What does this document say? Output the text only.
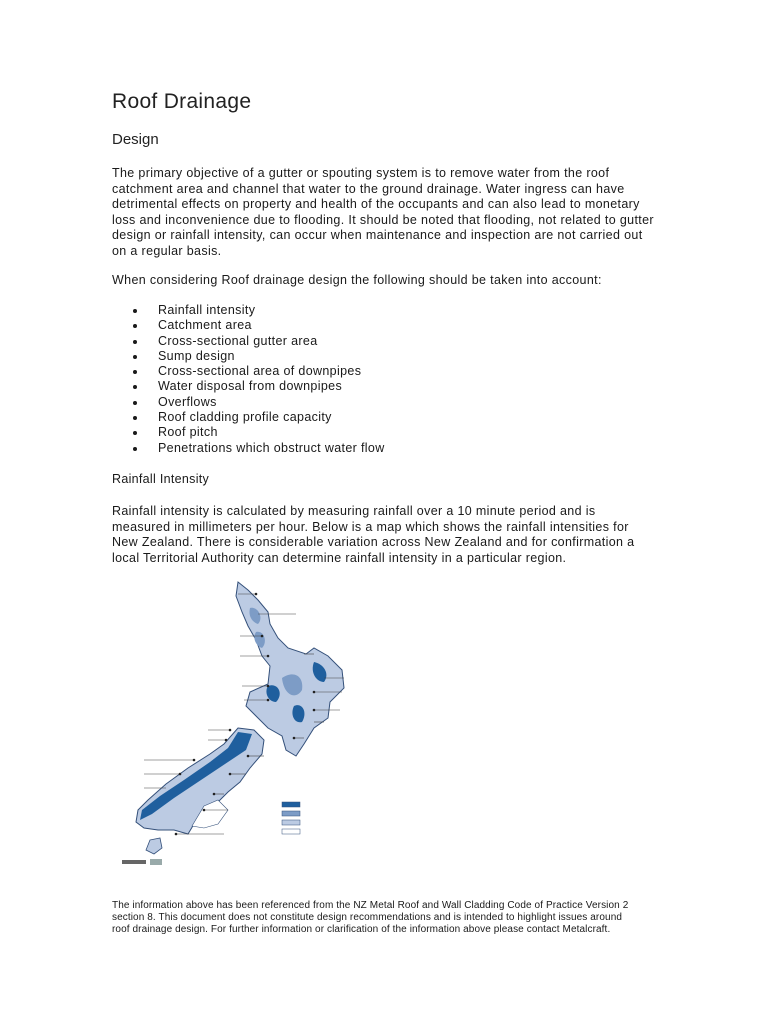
Roof Drainage
Design

The primary objective of a gutter or spouting system is to remove water from the roof catchment area and channel that water to the ground drainage. Water ingress can have detrimental effects on property and health of the occupants and can also lead to monetary loss and inconvenience due to flooding. It should be noted that flooding, not related to gutter design or rainfall intensity, can occur when maintenance and inspection are not carried out on a regular basis.

When considering Roof drainage design the following should be taken into account:

Rainfall intensity
Catchment area
Cross-sectional gutter area
Sump design
Cross-sectional area of downpipes
Water disposal from downpipes
Overflows
Roof cladding profile capacity
Roof pitch
Penetrations which obstruct water flow
Rainfall Intensity

Rainfall intensity is calculated by measuring rainfall over a 10 minute period and is measured in millimeters per hour. Below is a map which shows the rainfall intensities for New Zealand. There is considerable variation across New Zealand and for confirmation a local Territorial Authority can determine rainfall intensity in a particular region.

The information above has been referenced from the NZ Metal Roof and Wall Cladding Code of Practice Version 2 section 8. This document does not constitute design recommendations and is intended to highlight issues around roof drainage design. For further information or clarification of the information above please contact Metalcraft.
